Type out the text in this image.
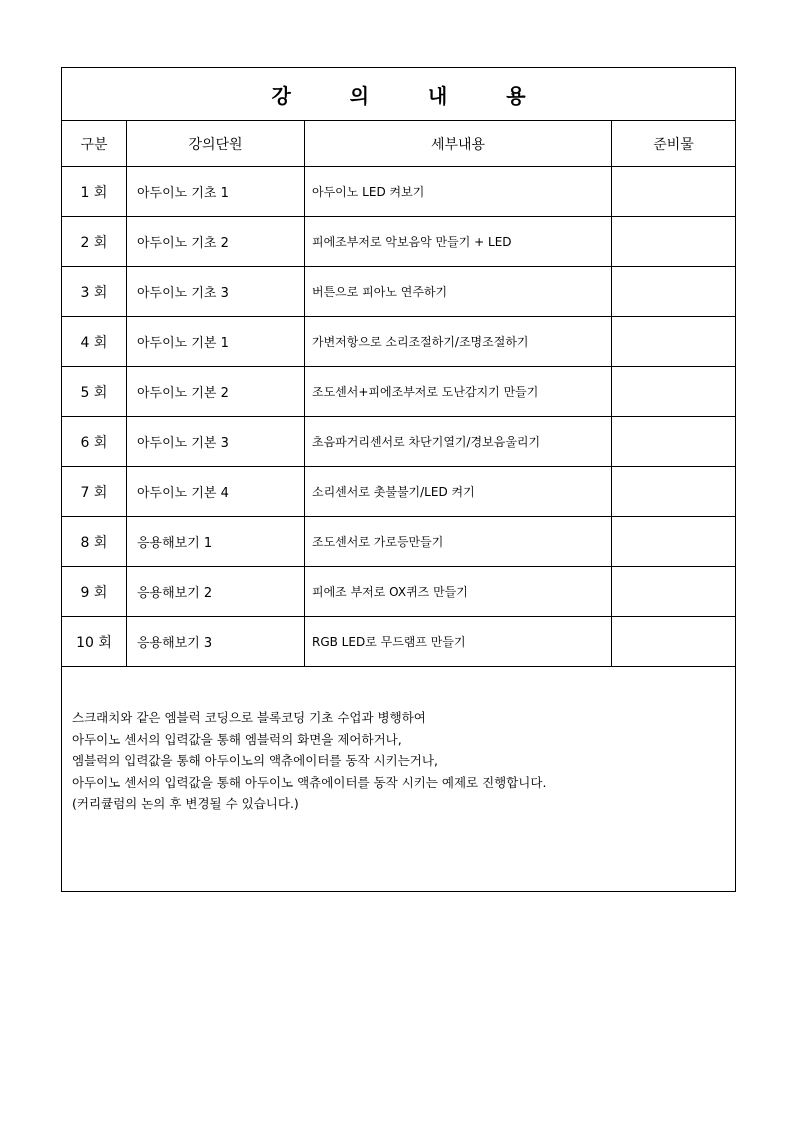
강 의 내 용			
구분	강의단원	세부내용	준비물
1 회	아두이노 기초 1	아두이노 LED 켜보기	
2 회	아두이노 기초 2	피에조부저로 악보음악 만들기 + LED	
3 회	아두이노 기초 3	버튼으로 피아노 연주하기	
4 회	아두이노 기본 1	가변저항으로 소리조절하기/조명조절하기	
5 회	아두이노 기본 2	조도센서+피에조부저로 도난감지기 만들기	
6 회	아두이노 기본 3	초음파거리센서로 차단기열기/경보음울리기	
7 회	아두이노 기본 4	소리센서로 촛불불기/LED 켜기	
8 회	응용해보기 1	조도센서로 가로등만들기	
9 회	응용해보기 2	피에조 부저로 OX퀴즈 만들기	
10 회	응용해보기 3	RGB LED로 무드램프 만들기	

스크래치와 같은 엠블럭 코딩으로 블록코딩 기초 수업과 병행하여
아두이노 센서의 입력값을 통해 엠블럭의 화면을 제어하거나,
엠블럭의 입력값을 통해 아두이노의 액츄에이터를 동작 시키는거나,
아두이노 센서의 입력값을 통해 아두이노 액츄에이터를 동작 시키는 예제로 진행합니다.
(커리큘럼의 논의 후 변경될 수 있습니다.)			
